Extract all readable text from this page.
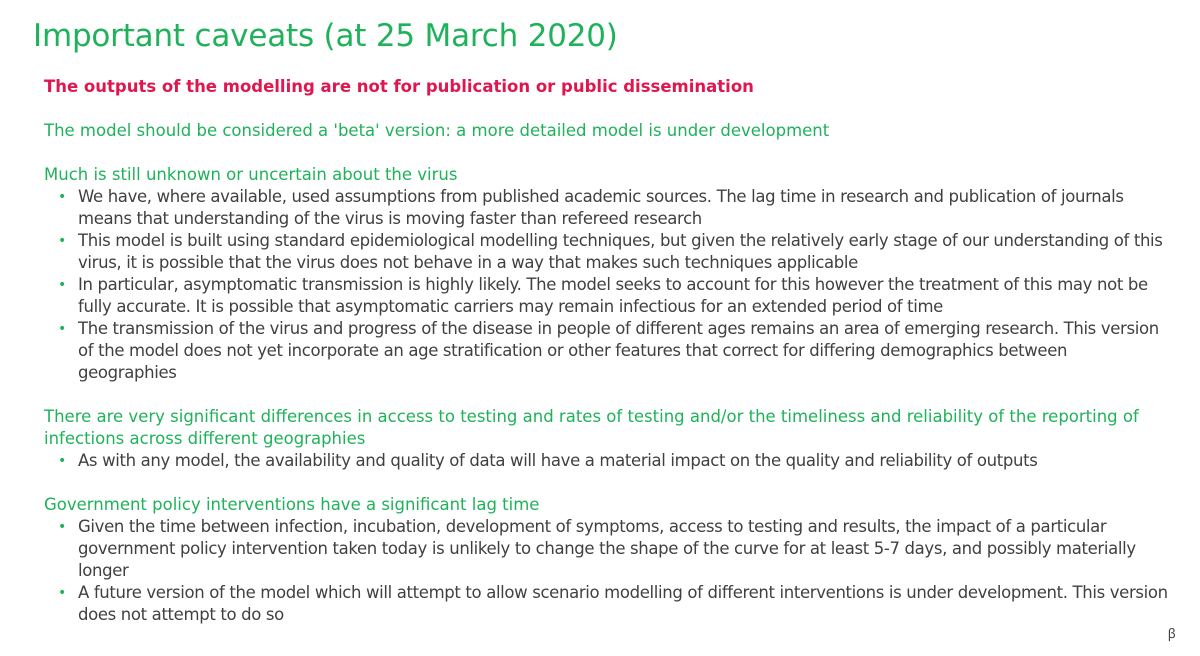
Important caveats (at 25 March 2020)

The outputs of the modelling are not for publication or public dissemination

The model should be considered a 'beta' version: a more detailed model is under development

Much is still unknown or uncertain about the virus

• We have, where available, used assumptions from published academic sources. The lag time in research and publication of journals means that understanding of the virus is moving faster than refereed research
• This model is built using standard epidemiological modelling techniques, but given the relatively early stage of our understanding of this virus, it is possible that the virus does not behave in a way that makes such techniques applicable
• In particular, asymptomatic transmission is highly likely. The model seeks to account for this however the treatment of this may not be fully accurate. It is possible that asymptomatic carriers may remain infectious for an extended period of time
• The transmission of the virus and progress of the disease in people of different ages remains an area of emerging research. This version of the model does not yet incorporate an age stratification or other features that correct for differing demographics between geographies

There are very significant differences in access to testing and rates of testing and/or the timeliness and reliability of the reporting of infections across different geographies

• As with any model, the availability and quality of data will have a material impact on the quality and reliability of outputs

Government policy interventions have a significant lag time

• Given the time between infection, incubation, development of symptoms, access to testing and results, the impact of a particular government policy intervention taken today is unlikely to change the shape of the curve for at least 5-7 days, and possibly materially longer
• A future version of the model which will attempt to allow scenario modelling of different interventions is under development. This version does not attempt to do so
ꞵ
